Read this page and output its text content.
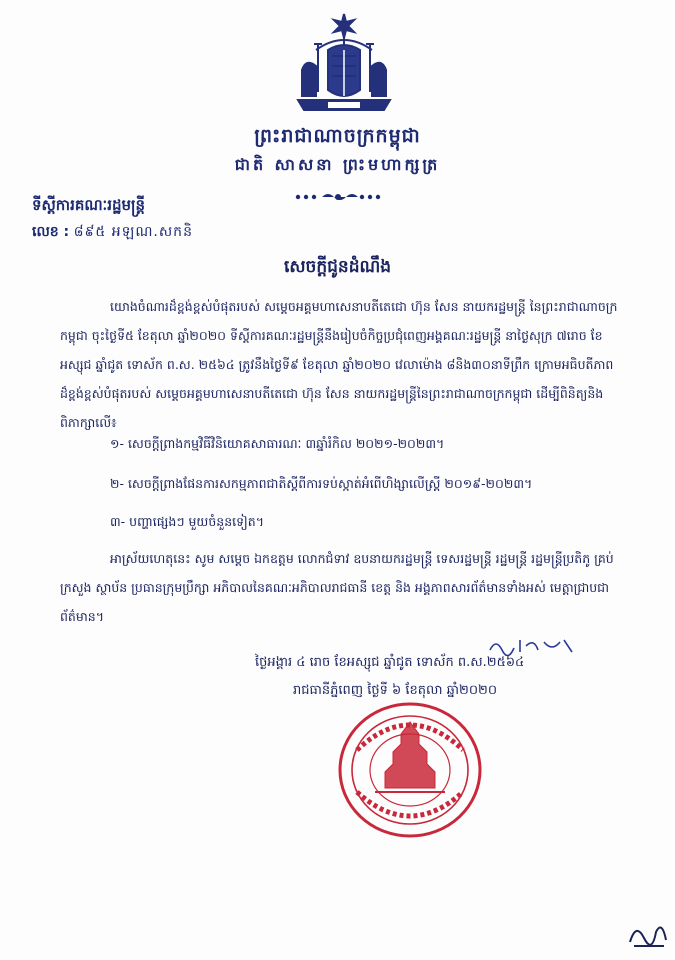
ព្រះរាជាណាចក្រកម្ពុជា
ជាតិ សាសនា ព្រះមហាក្សត្រ
ទីស្តីការគណៈរដ្ឋមន្ត្រី
លេខ : ៨៩៥ អឡណ.សកនិ
សេចក្តីជូនដំណឹង
យោងចំណារដ៏ខ្ពង់ខ្ពស់បំផុតរបស់ សម្តេចអគ្គមហាសេនាបតីតេជោ ហ៊ុន សែន នាយករដ្ឋមន្ត្រី នៃព្រះរាជាណាចក្រកម្ពុជា ចុះថ្ងៃទី៥ ខែតុលា ឆ្នាំ២០២០ ទីស្តីការគណៈរដ្ឋមន្ត្រីនឹងរៀបចំកិច្ចប្រជុំពេញអង្គគណៈរដ្ឋមន្ត្រី នាថ្ងៃសុក្រ ៧រោច ខែអស្សុជ ឆ្នាំជូត ទោស័ក ព.ស. ២៥៦៤ ត្រូវនឹងថ្ងៃទី៩ ខែតុលា ឆ្នាំ២០២០ វេលាម៉ោង ៨និង៣០នាទីព្រឹក ក្រោមអធិបតីភាពដ៏ខ្ពង់ខ្ពស់បំផុតរបស់ សម្តេចអគ្គមហាសេនាបតីតេជោ ហ៊ុន សែន នាយករដ្ឋមន្ត្រីនៃព្រះរាជាណាចក្រកម្ពុជា ដើម្បីពិនិត្យនិងពិភាក្សាលើ៖
១- សេចក្តីព្រាងកម្មវិធីវិនិយោគសាធារណៈ ៣ឆ្នាំរំកិល ២០២១-២០២៣។
២- សេចក្តីព្រាងផែនការសកម្មភាពជាតិស្តីពីការទប់ស្កាត់អំពើហិង្សាលើស្ត្រី ២០១៩-២០២៣។
៣- បញ្ហាផ្សេងៗ មួយចំនួនទៀត។
អាស្រ័យហេតុនេះ សូម សម្តេច ឯកឧត្តម លោកជំទាវ ឧបនាយករដ្ឋមន្ត្រី ទេសរដ្ឋមន្ត្រី រដ្ឋមន្ត្រី រដ្ឋមន្ត្រីប្រតិភូ គ្រប់ក្រសួង ស្ថាប័ន ប្រធានក្រុមប្រឹក្សា អភិបាលនៃគណៈអភិបាលរាជធានី ខេត្ត និង អង្គភាពសារព័ត៌មានទាំងអស់ មេត្តាជ្រាបជាព័ត៌មាន។
ថ្ងៃអង្គារ ៤ រោច ខែអស្សុជ ឆ្នាំជូត ទោស័ក ព.ស.២៥៦៤
រាជធានីភ្នំពេញ ថ្ងៃទី ៦ ខែតុលា ឆ្នាំ២០២០
